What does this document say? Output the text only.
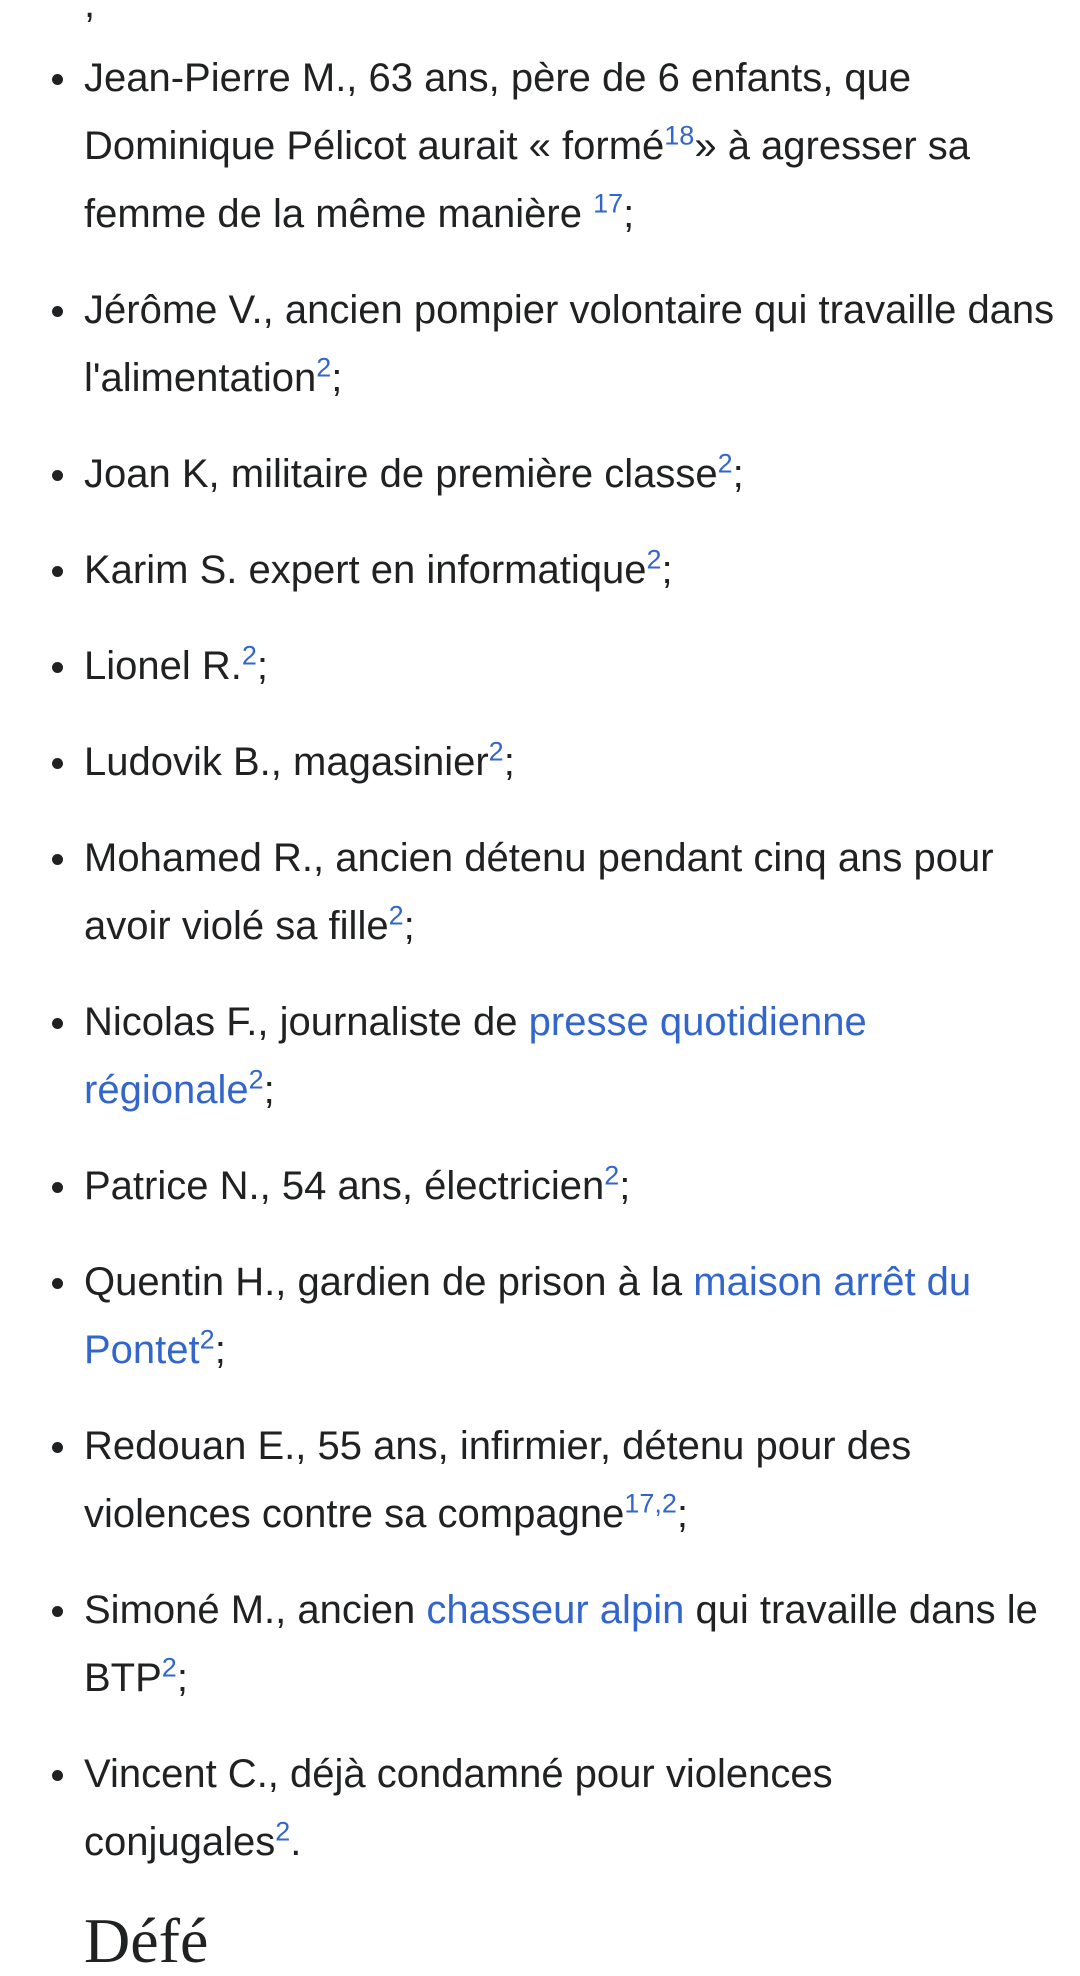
,
Jean-Pierre M., 63 ans, père de 6 enfants, que Dominique Pélicot aurait « formé$^{18}$» à agresser sa femme de la même manière $^{17}$;
Jérôme V., ancien pompier volontaire qui travaille dans l'alimentation$^2$;
Joan K, militaire de première classe$^2$;
Karim S. expert en informatique$^2$;
Lionel R.$^2$;
Ludovik B., magasinier$^2$;
Mohamed R., ancien détenu pendant cinq ans pour avoir violé sa fille$^2$;
Nicolas F., journaliste de presse quotidienne régionale$^2$;
Patrice N., 54 ans, électricien$^2$;
Quentin H., gardien de prison à la maison arrêt du Pontet$^2$;
Redouan E., 55 ans, infirmier, détenu pour des violences contre sa compagne$^{17,2}$;
Simoné M., ancien chasseur alpin qui travaille dans le BTP$^2$;
Vincent C., déjà condamné pour violences conjugales$^2$.
Défé
